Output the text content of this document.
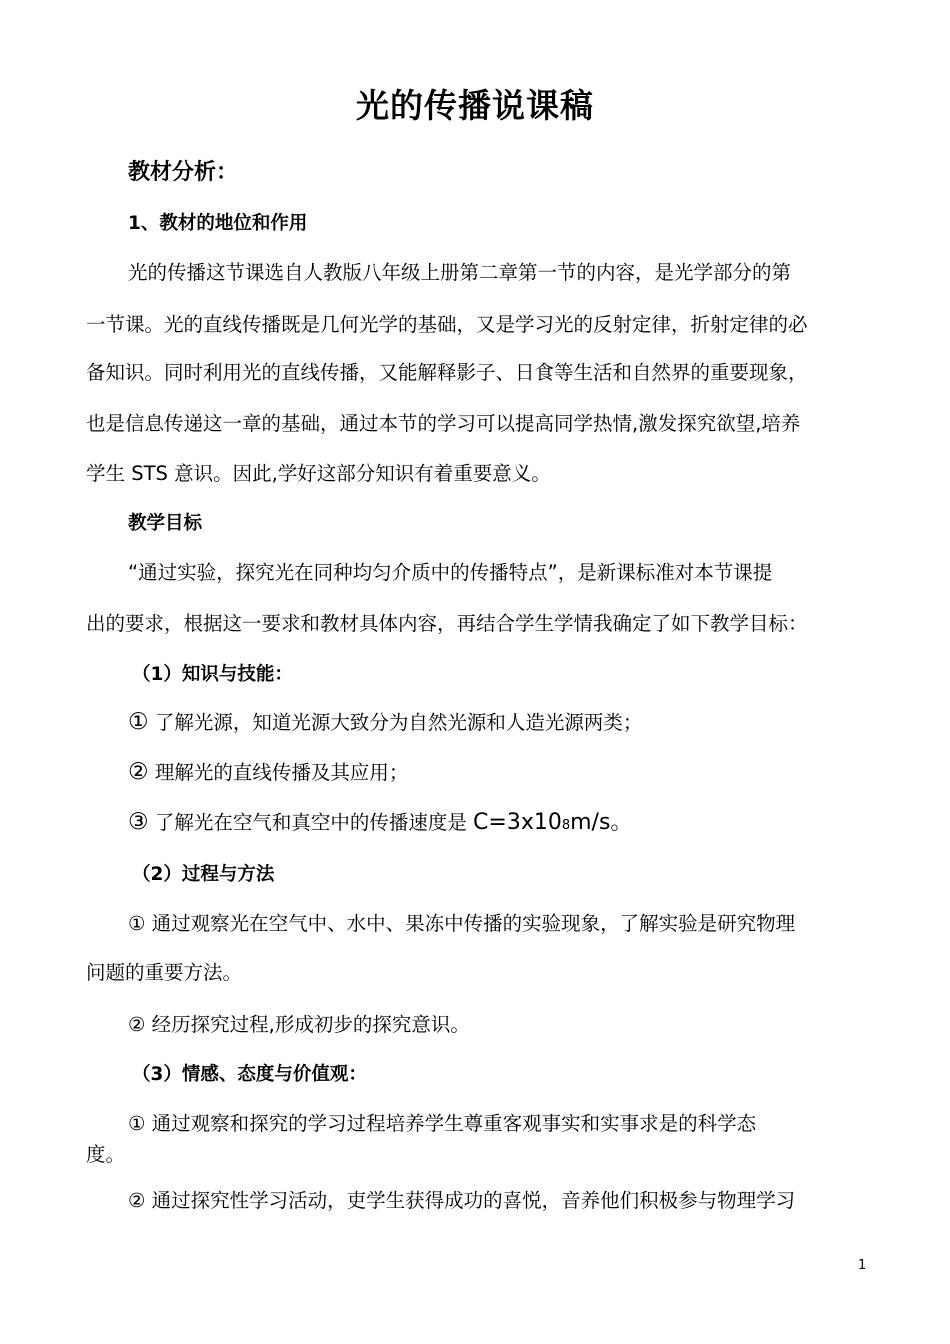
光的传播说课稿
教材分析：
1、教材的地位和作用
光的传播这节课选自人教版八年级上册第二章第一节的内容，是光学部分的第
一节课。光的直线传播既是几何光学的基础，又是学习光的反射定律，折射定律的必
备知识。同时利用光的直线传播，又能解释影子、日食等生活和自然界的重要现象，
也是信息传递这一章的基础，通过本节的学习可以提高同学热情,激发探究欲望,培养
学生 STS 意识。因此,学好这部分知识有着重要意义。
教学目标
“通过实验，探究光在同种均匀介质中的传播特点”，是新课标准对本节课提
出的要求，根据这一要求和教材具体内容，再结合学生学情我确定了如下教学目标：
（1）知识与技能：
① 了解光源，知道光源大致分为自然光源和人造光源两类；
② 理解光的直线传播及其应用；
③ 了解光在空气和真空中的传播速度是 C=3x108m/s。
（2）过程与方法
① 通过观察光在空气中、水中、果冻中传播的实验现象，了解实验是研究物理
问题的重要方法。
② 经历探究过程,形成初步的探究意识。
（3）情感、态度与价值观：
① 通过观察和探究的学习过程培养学生尊重客观事实和实事求是的科学态
度。
② 通过探究性学习活动，吏学生获得成功的喜悦，音养他们积极参与物理学习
1
